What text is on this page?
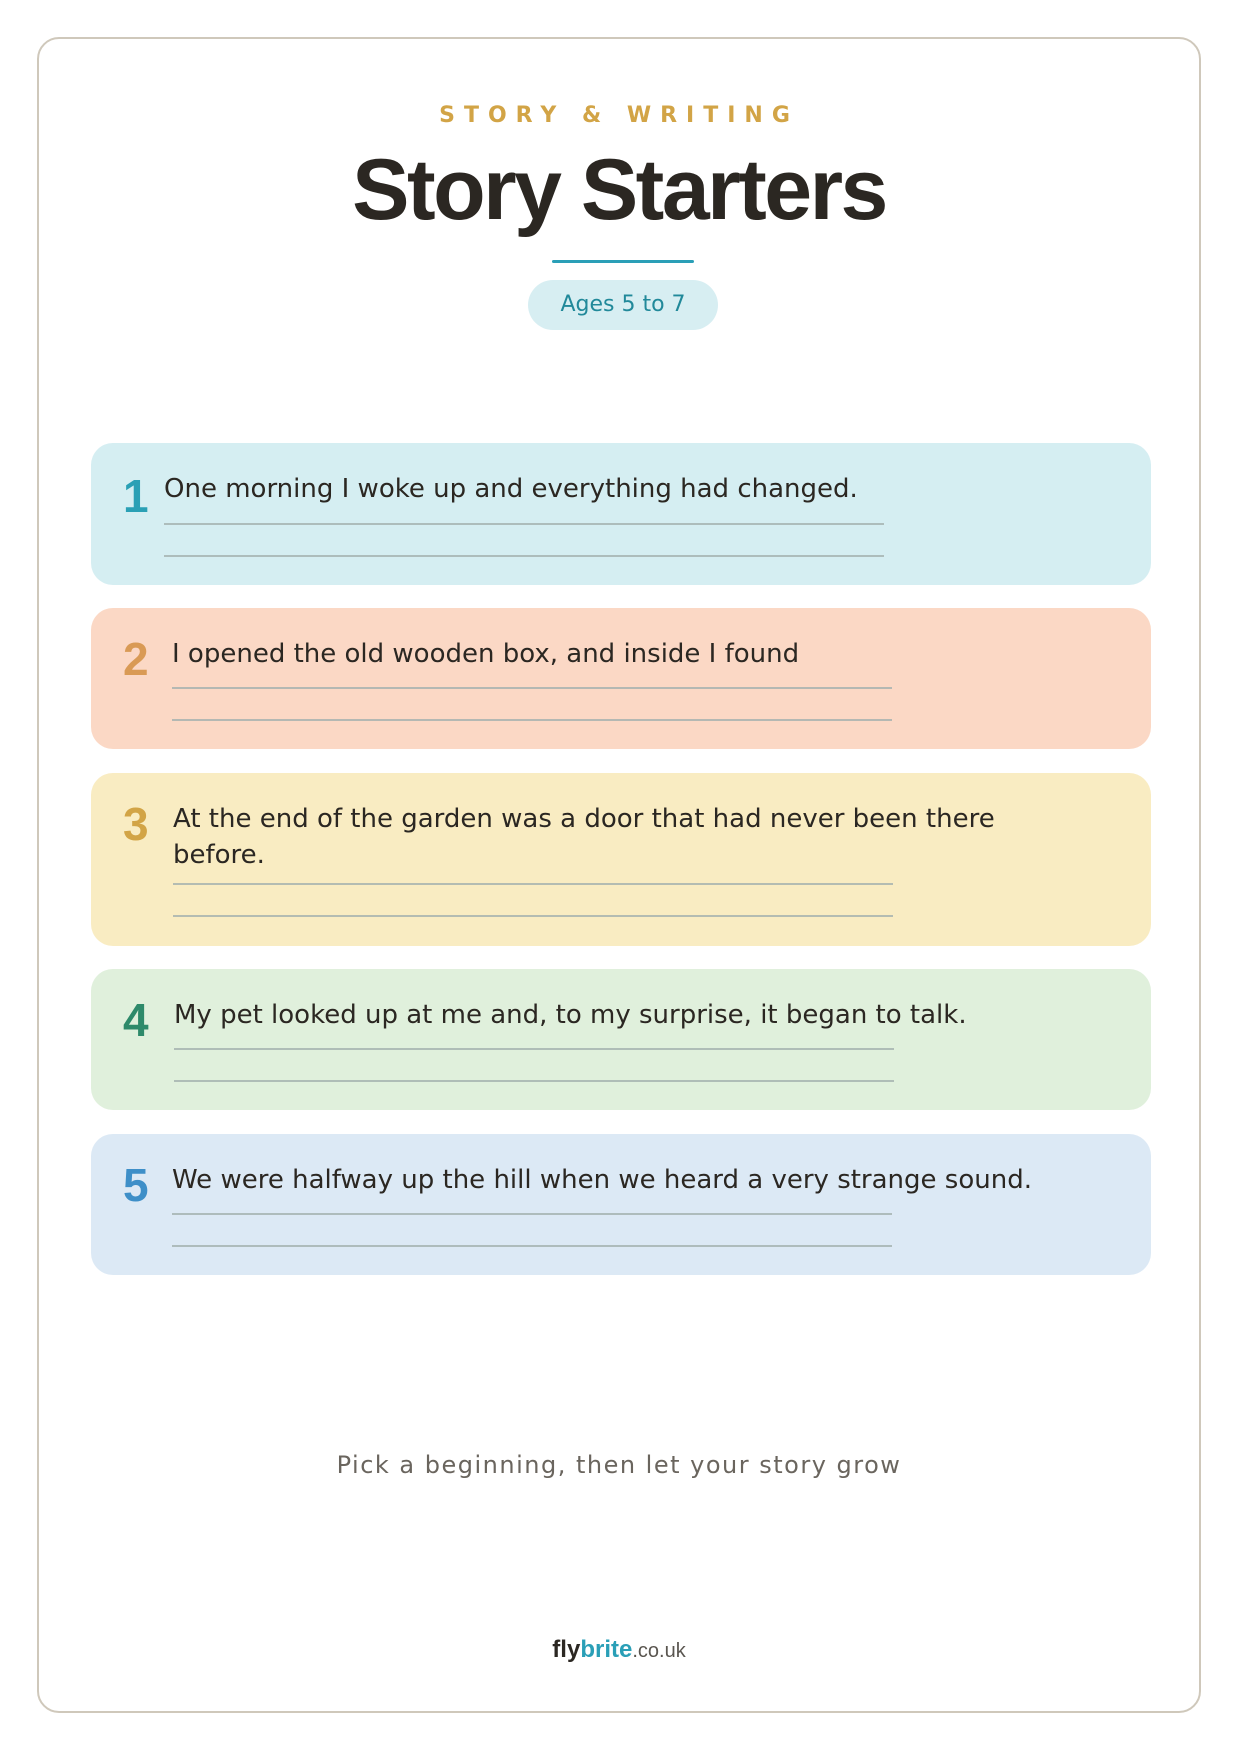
STORY & WRITING
Story Starters
Ages 5 to 7
1 One morning I woke up and everything had changed.
2 I opened the old wooden box, and inside I found
3 At the end of the garden was a door that had never been there before.
4 My pet looked up at me and, to my surprise, it began to talk.
5 We were halfway up the hill when we heard a very strange sound.
Pick a beginning, then let your story grow
flybrite.co.uk
